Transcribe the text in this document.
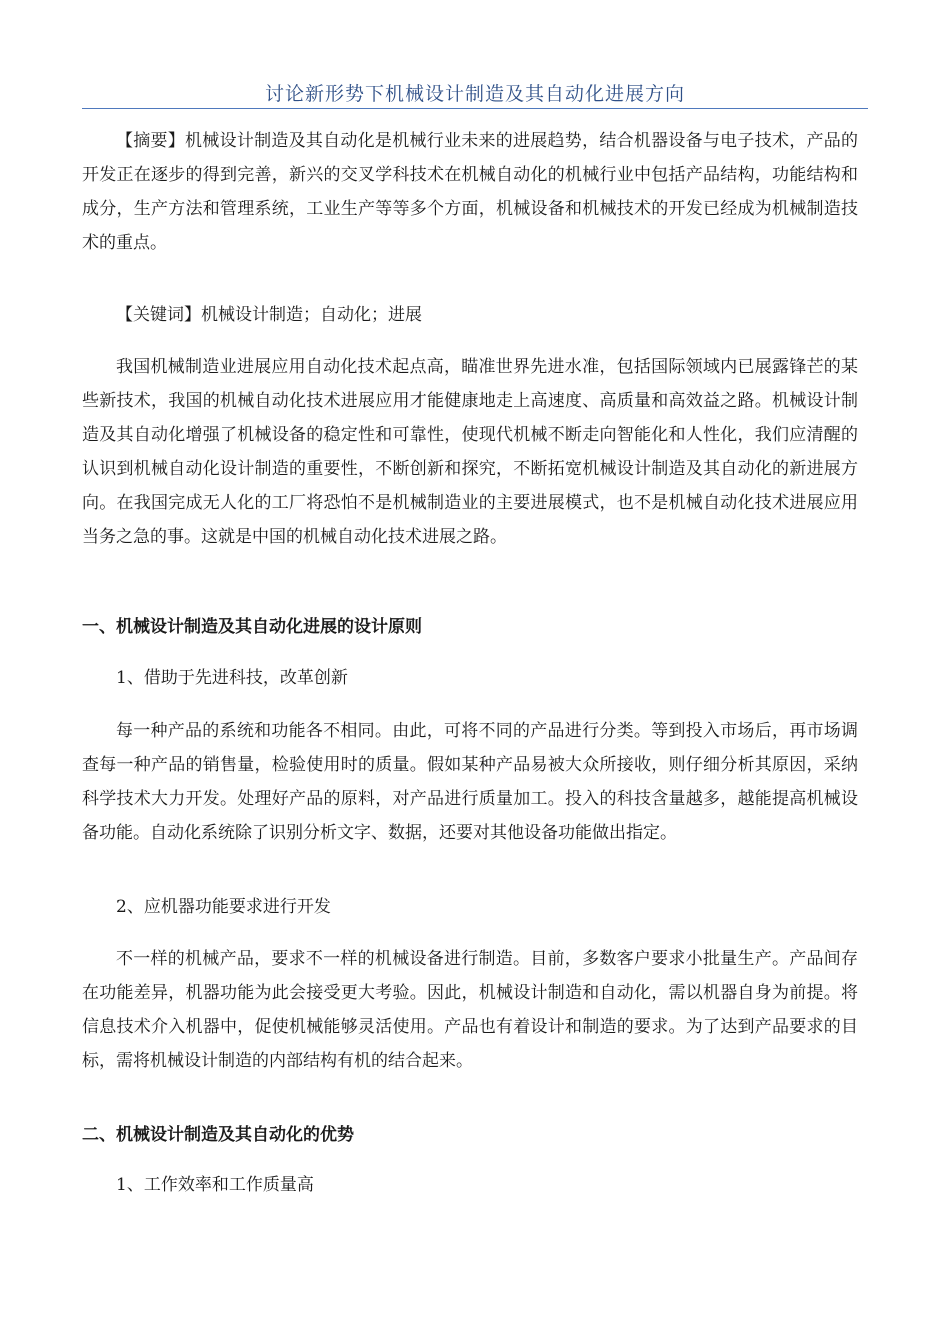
讨论新形势下机械设计制造及其自动化进展方向

【摘要】机械设计制造及其自动化是机械行业未来的进展趋势，结合机器设备与电子技术，产品的开发正在逐步的得到完善，新兴的交叉学科技术在机械自动化的机械行业中包括产品结构，功能结构和成分，生产方法和管理系统，工业生产等等多个方面，机械设备和机械技术的开发已经成为机械制造技术的重点。

【关键词】机械设计制造；自动化；进展

我国机械制造业进展应用自动化技术起点高，瞄准世界先进水准，包括国际领域内已展露锋芒的某些新技术，我国的机械自动化技术进展应用才能健康地走上高速度、高质量和高效益之路。机械设计制造及其自动化增强了机械设备的稳定性和可靠性，使现代机械不断走向智能化和人性化，我们应清醒的认识到机械自动化设计制造的重要性，不断创新和探究，不断拓宽机械设计制造及其自动化的新进展方向。在我国完成无人化的工厂将恐怕不是机械制造业的主要进展模式，也不是机械自动化技术进展应用当务之急的事。这就是中国的机械自动化技术进展之路。

一、机械设计制造及其自动化进展的设计原则

1、借助于先进科技，改革创新

每一种产品的系统和功能各不相同。由此，可将不同的产品进行分类。等到投入市场后，再市场调查每一种产品的销售量，检验使用时的质量。假如某种产品易被大众所接收，则仔细分析其原因，采纳科学技术大力开发。处理好产品的原料，对产品进行质量加工。投入的科技含量越多，越能提高机械设备功能。自动化系统除了识别分析文字、数据，还要对其他设备功能做出指定。

2、应机器功能要求进行开发

不一样的机械产品，要求不一样的机械设备进行制造。目前，多数客户要求小批量生产。产品间存在功能差异，机器功能为此会接受更大考验。因此，机械设计制造和自动化，需以机器自身为前提。将信息技术介入机器中，促使机械能够灵活使用。产品也有着设计和制造的要求。为了达到产品要求的目标，需将机械设计制造的内部结构有机的结合起来。

二、机械设计制造及其自动化的优势

1、工作效率和工作质量高
